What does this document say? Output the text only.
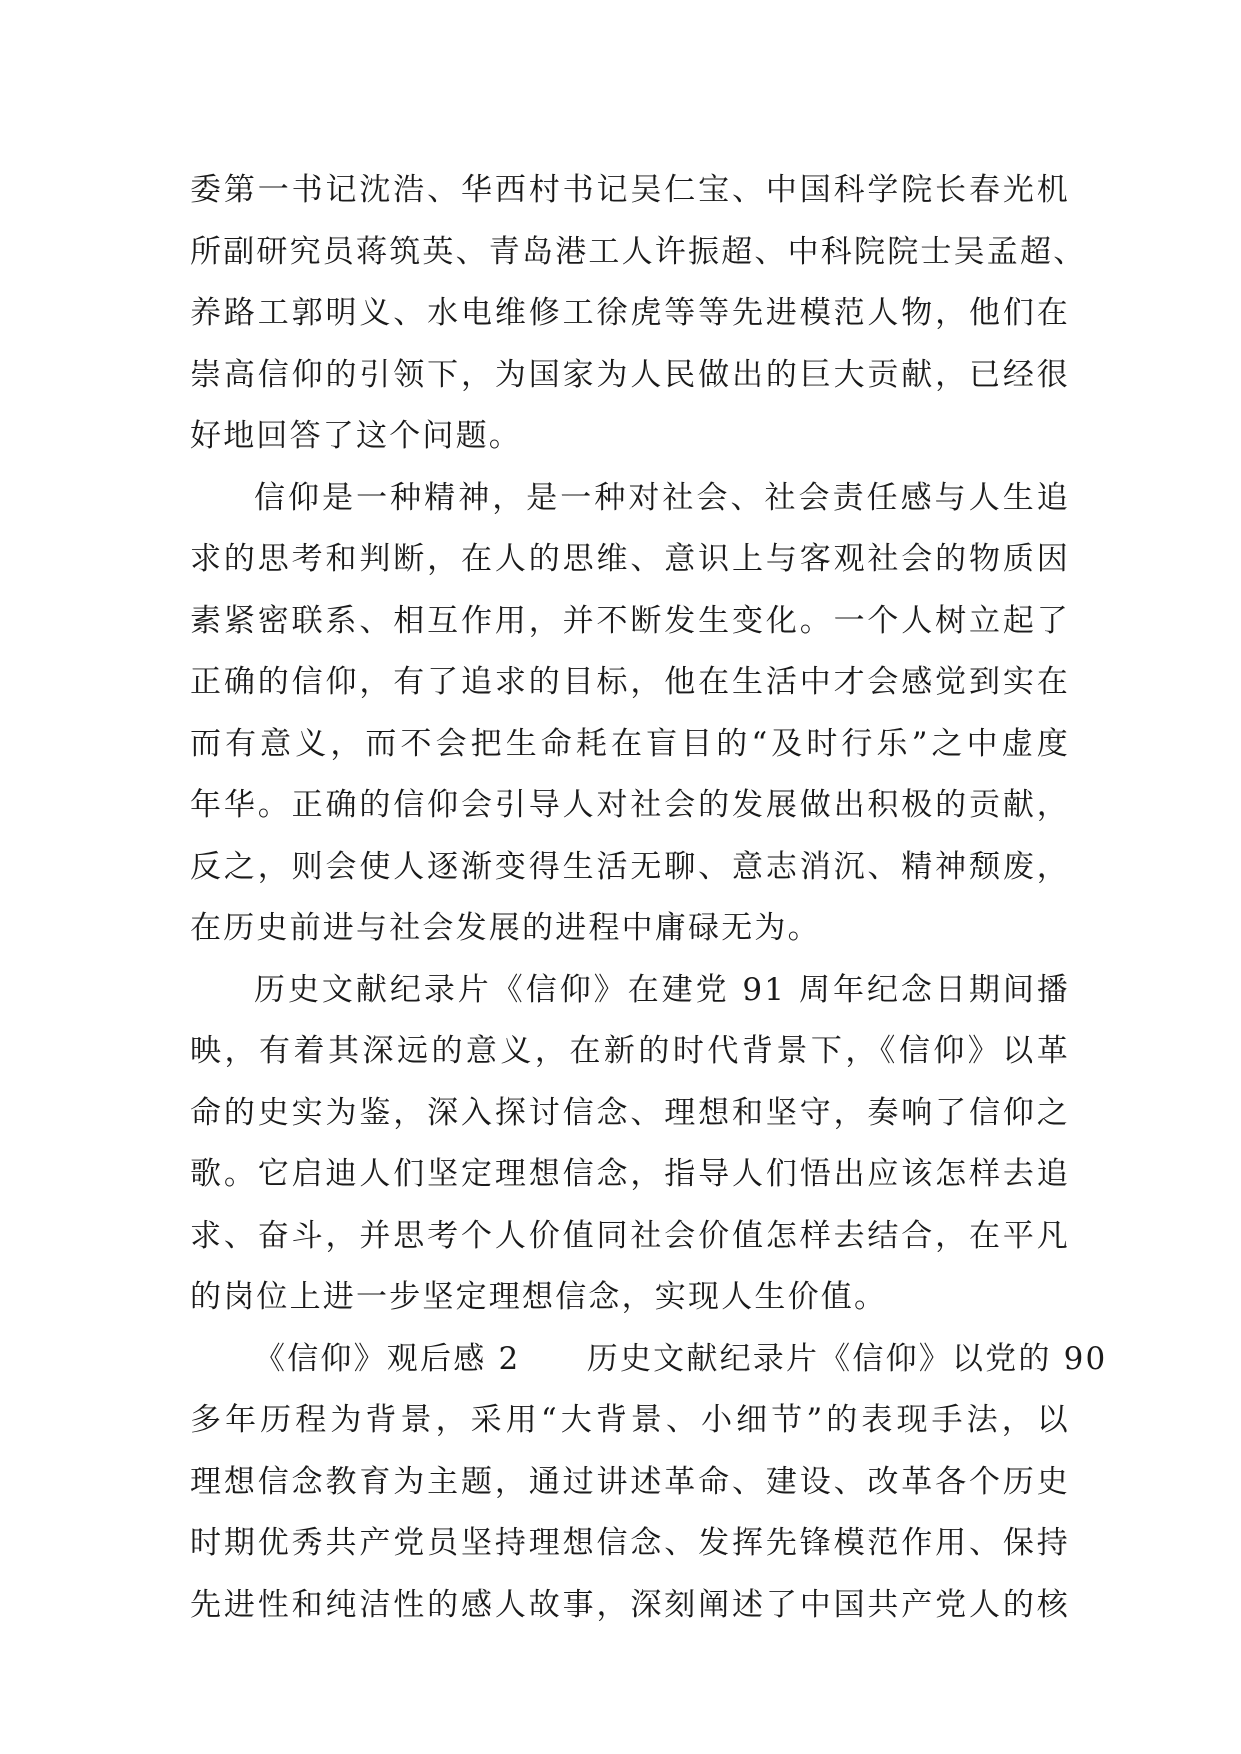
委第一书记沈浩、华西村书记吴仁宝、中国科学院长春光机
所副研究员蒋筑英、青岛港工人许振超、中科院院士吴孟超、
养路工郭明义、水电维修工徐虎等等先进模范人物，他们在
崇高信仰的引领下，为国家为人民做出的巨大贡献，已经很
好地回答了这个问题。
信仰是一种精神，是一种对社会、社会责任感与人生追
求的思考和判断，在人的思维、意识上与客观社会的物质因
素紧密联系、相互作用，并不断发生变化。一个人树立起了
正确的信仰，有了追求的目标，他在生活中才会感觉到实在
而有意义，而不会把生命耗在盲目的“及时行乐”之中虚度
年华。正确的信仰会引导人对社会的发展做出积极的贡献，
反之，则会使人逐渐变得生活无聊、意志消沉、精神颓废，
在历史前进与社会发展的进程中庸碌无为。
历史文献纪录片《信仰》在建党 91 周年纪念日期间播
映，有着其深远的意义，在新的时代背景下，《信仰》以革
命的史实为鉴，深入探讨信念、理想和坚守，奏响了信仰之
歌。它启迪人们坚定理想信念，指导人们悟出应该怎样去追
求、奋斗，并思考个人价值同社会价值怎样去结合，在平凡
的岗位上进一步坚定理想信念，实现人生价值。
《信仰》观后感 2　　历史文献纪录片《信仰》以党的 90
多年历程为背景，采用“大背景、小细节”的表现手法，以
理想信念教育为主题，通过讲述革命、建设、改革各个历史
时期优秀共产党员坚持理想信念、发挥先锋模范作用、保持
先进性和纯洁性的感人故事，深刻阐述了中国共产党人的核
